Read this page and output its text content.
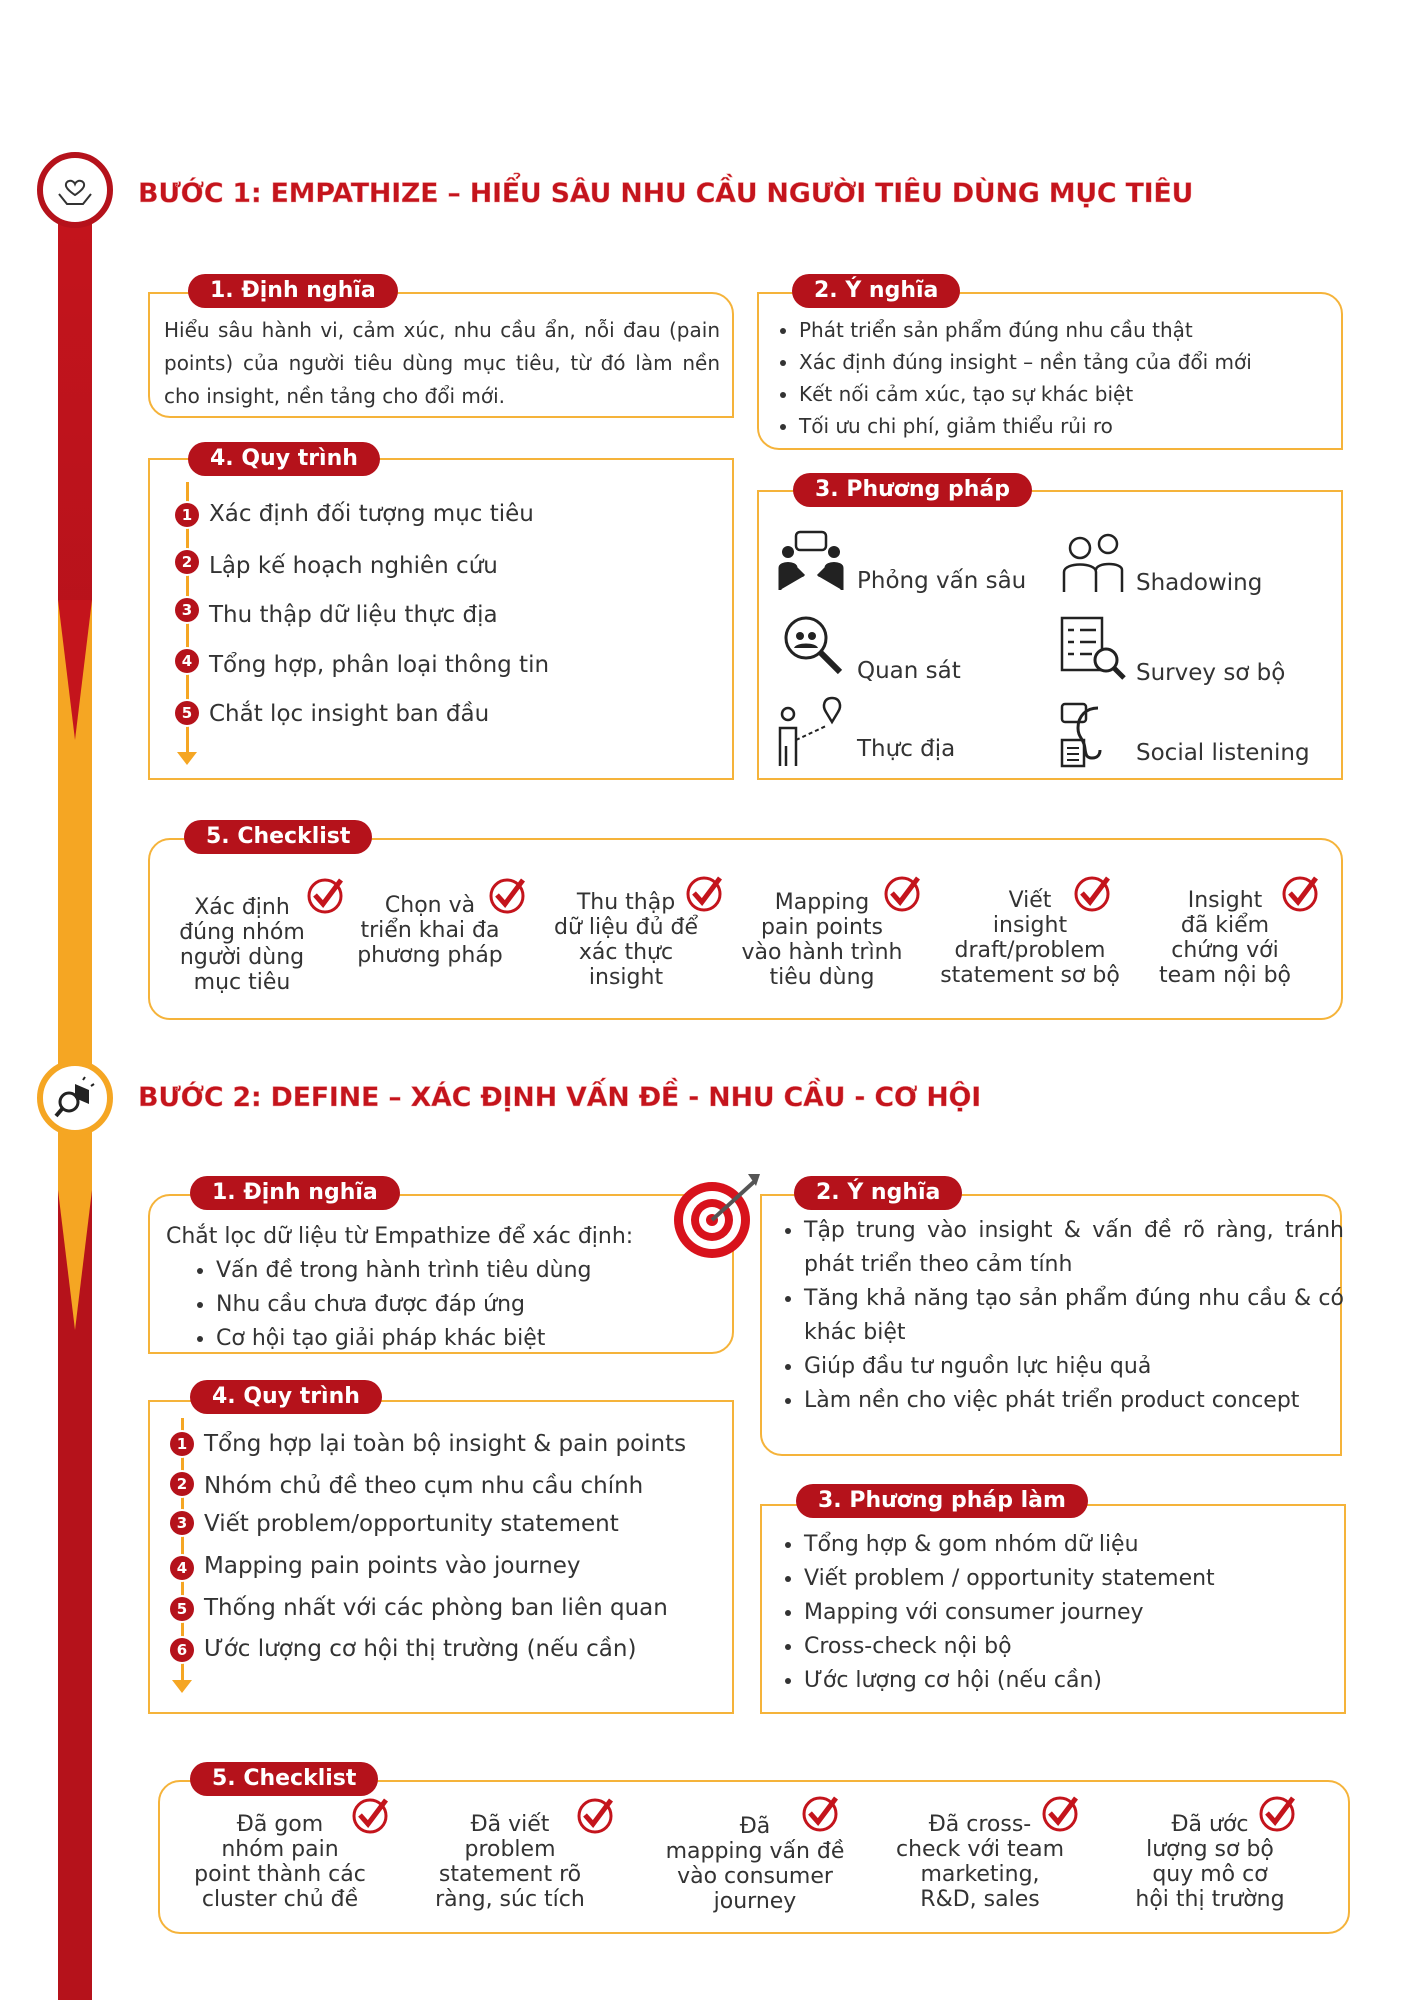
BƯỚC 1: EMPATHIZE – HIỂU SÂU NHU CẦU NGƯỜI TIÊU DÙNG MỤC TIÊU
Hiểu sâu hành vi, cảm xúc, nhu cầu ẩn, nỗi đau (pain points) của người tiêu dùng mục tiêu, từ đó làm nền cho insight, nền tảng cho đổi mới.
1. Định nghĩa
• Phát triển sản phẩm đúng nhu cầu thật
• Xác định đúng insight – nền tảng của đổi mới
• Kết nối cảm xúc, tạo sự khác biệt
• Tối ưu chi phí, giảm thiểu rủi ro
2. Ý nghĩa
4. Quy trình
1 Xác định đối tượng mục tiêu
2 Lập kế hoạch nghiên cứu
3 Thu thập dữ liệu thực địa
4 Tổng hợp, phân loại thông tin
5 Chắt lọc insight ban đầu
3. Phương pháp
Phỏng vấn sâu	Shadowing
Quan sát	Survey sơ bộ
Thực địa	Social listening
5. Checklist
Xác định
đúng nhóm
người dùng
mục tiêu
Chọn và
triển khai đa
phương pháp
Thu thập
dữ liệu đủ để
xác thực
insight
Mapping
pain points
vào hành trình
tiêu dùng
Viết
insight
draft/problem
statement sơ bộ
Insight
đã kiểm
chứng với
team nội bộ
BƯỚC 2: DEFINE – XÁC ĐỊNH VẤN ĐỀ - NHU CẦU - CƠ HỘI
Chắt lọc dữ liệu từ Empathize để xác định:
• Vấn đề trong hành trình tiêu dùng
• Nhu cầu chưa được đáp ứng
• Cơ hội tạo giải pháp khác biệt
1. Định nghĩa
• Tập trung vào insight & vấn đề rõ ràng, tránh phát triển theo cảm tính
• Tăng khả năng tạo sản phẩm đúng nhu cầu & có khác biệt
• Giúp đầu tư nguồn lực hiệu quả
• Làm nền cho việc phát triển product concept
2. Ý nghĩa
4. Quy trình
1 Tổng hợp lại toàn bộ insight & pain points
2 Nhóm chủ đề theo cụm nhu cầu chính
3 Viết problem/opportunity statement
4 Mapping pain points vào journey
5 Thống nhất với các phòng ban liên quan
6 Ước lượng cơ hội thị trường (nếu cần)
• Tổng hợp & gom nhóm dữ liệu
• Viết problem / opportunity statement
• Mapping với consumer journey
• Cross-check nội bộ
• Ước lượng cơ hội (nếu cần)
3. Phương pháp làm
5. Checklist
Đã gom
nhóm pain
point thành các
cluster chủ đề
Đã viết
problem
statement rõ
ràng, súc tích
Đã
mapping vấn đề
vào consumer
journey
Đã cross-
check với team
marketing,
R&D, sales
Đã ước
lượng sơ bộ
quy mô cơ
hội thị trường
